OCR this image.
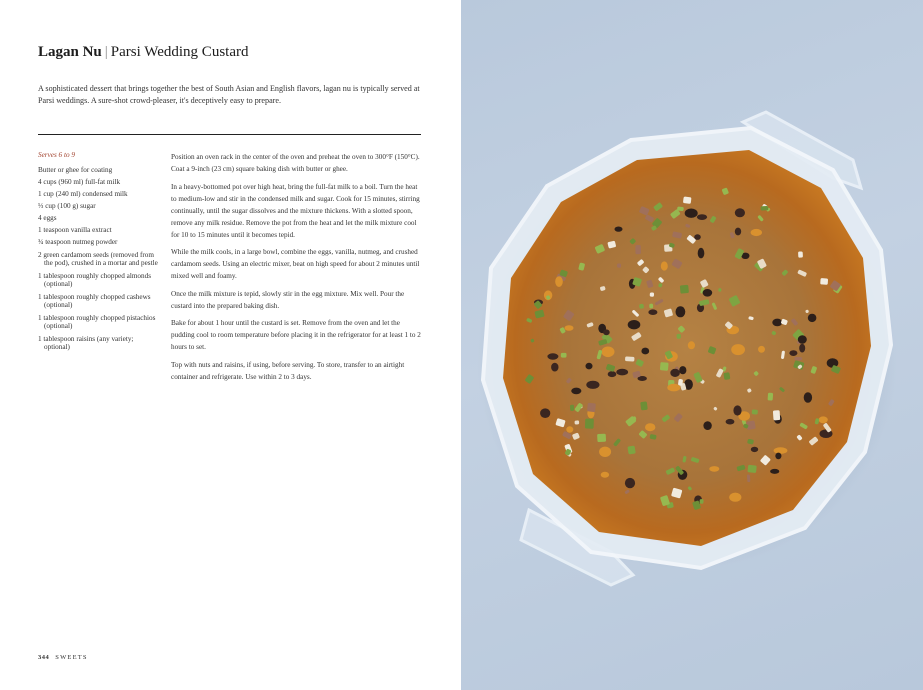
Lagan Nu | Parsi Wedding Custard
A sophisticated dessert that brings together the best of South Asian and English flavors, lagan nu is typically served at Parsi weddings. A sure-shot crowd-pleaser, it's deceptively easy to prepare.
Serves 6 to 9
Butter or ghee for coating
4 cups (960 ml) full-fat milk
1 cup (240 ml) condensed milk
⅓ cup (100 g) sugar
4 eggs
1 teaspoon vanilla extract
¾ teaspoon nutmeg powder
2 green cardamom seeds (removed from the pod), crushed in a mortar and pestle
1 tablespoon roughly chopped almonds (optional)
1 tablespoon roughly chopped cashews (optional)
1 tablespoon roughly chopped pistachios (optional)
1 tablespoon raisins (any variety; optional)

Position an oven rack in the center of the oven and preheat the oven to 300°F (150°C). Coat a 9-inch (23 cm) square baking dish with butter or ghee.

In a heavy-bottomed pot over high heat, bring the full-fat milk to a boil. Turn the heat to medium-low and stir in the condensed milk and sugar. Cook for 15 minutes, stirring continually, until the sugar dissolves and the mixture thickens. With a slotted spoon, remove any milk residue. Remove the pot from the heat and let the milk mixture cool for 10 to 15 minutes until it becomes tepid.

While the milk cools, in a large bowl, combine the eggs, vanilla, nutmeg, and crushed cardamom seeds. Using an electric mixer, beat on high speed for about 2 minutes until mixed well and foamy.

Once the milk mixture is tepid, slowly stir in the egg mixture. Mix well. Pour the custard into the prepared baking dish.

Bake for about 1 hour until the custard is set. Remove from the oven and let the pudding cool to room temperature before placing it in the refrigerator for at least 1 to 2 hours to set.

Top with nuts and raisins, if using, before serving. To store, transfer to an airtight container and refrigerate. Use within 2 to 3 days.

344 SWEETS
